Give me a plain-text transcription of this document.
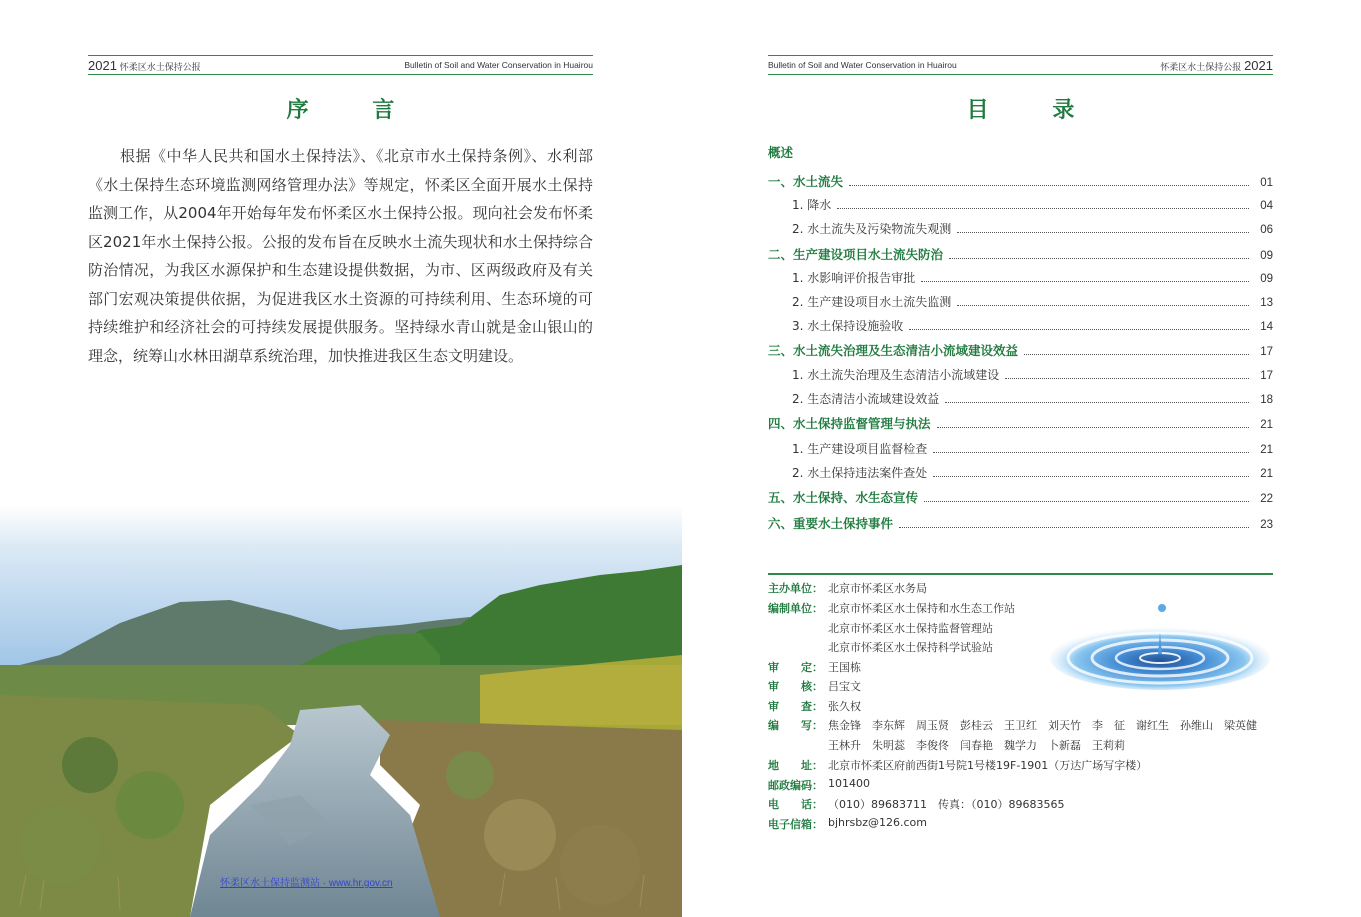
2021 怀柔区水土保持公报	Bulletin of Soil and Water Conservation in Huairou
序 言
根据《中华人民共和国水土保持法》、《北京市水土保持条例》、水利部《水土保持生态环境监测网络管理办法》等规定，怀柔区全面开展水土保持监测工作，从2004年开始每年发布怀柔区水土保持公报。现向社会发布怀柔区2021年水土保持公报。公报的发布旨在反映水土流失现状和水土保持综合防治情况，为我区水源保护和生态建设提供数据，为市、区两级政府及有关部门宏观决策提供依据，为促进我区水土资源的可持续利用、生态环境的可持续维护和经济社会的可持续发展提供服务。坚持绿水青山就是金山银山的理念，统筹山水林田湖草系统治理，加快推进我区生态文明建设。
怀柔区水土保持监测站 · www.hr.gov.cn
Bulletin of Soil and Water Conservation in Huairou	怀柔区水土保持公报 2021
目 录
概述
一、水土流失	01
1. 降水	04
2. 水土流失及污染物流失观测	06
二、生产建设项目水土流失防治	09
1. 水影响评价报告审批	09
2. 生产建设项目水土流失监测	13
3. 水土保持设施验收	14
三、水土流失治理及生态清洁小流域建设效益	17
1. 水土流失治理及生态清洁小流域建设	17
2. 生态清洁小流域建设效益	18
四、水土保持监督管理与执法	21
1. 生产建设项目监督检查	21
2. 水土保持违法案件查处	21
五、水土保持、水生态宣传	22
六、重要水土保持事件	23
主办单位： 北京市怀柔区水务局
编制单位： 北京市怀柔区水土保持和水生态工作站
北京市怀柔区水土保持监督管理站
北京市怀柔区水土保持科学试验站
审　　定： 王国栋
审　　核： 吕宝文
审　　查： 张久权
编　　写： 焦金锋　李东辉　周玉贤　彭桂云　王卫红　刘天竹　李　征　谢红生　孙维山　梁英健
王林升　朱明蕊　李俊佟　闫春艳　魏学力　卜新磊　王莉莉
地　　址： 北京市怀柔区府前西街1号院1号楼19F-1901（万达广场写字楼）
邮政编码： 101400
电　　话： （010）89683711　传真：（010）89683565
电子信箱： bjhrsbz@126.com
